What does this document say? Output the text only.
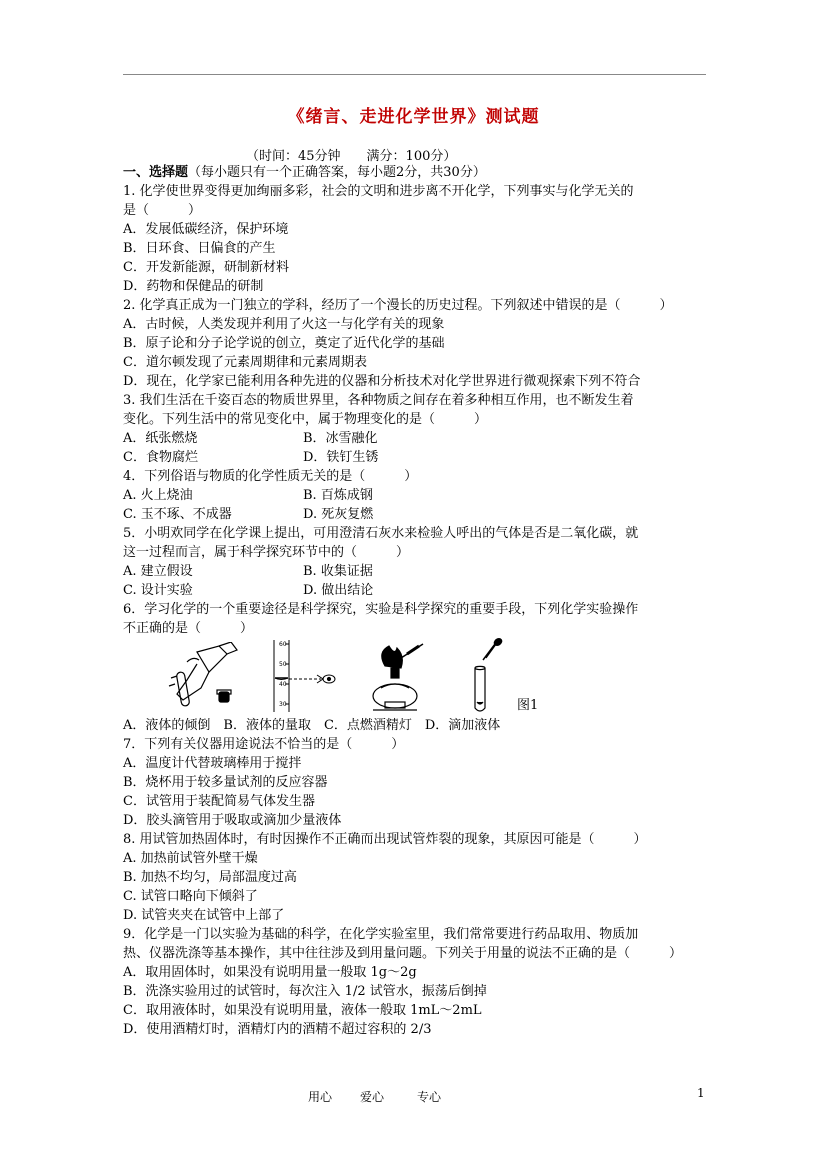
《绪言、走进化学世界》测试题
（时间：45分钟　　满分：100分）
一、选择题（每小题只有一个正确答案，每小题2分，共30分）
1. 化学使世界变得更加绚丽多彩，社会的文明和进步离不开化学，下列事实与化学无关的
是（　　　）
A．发展低碳经济，保护环境
B．日环食、日偏食的产生
C．开发新能源，研制新材料
D．药物和保健品的研制
2. 化学真正成为一门独立的学科，经历了一个漫长的历史过程。下列叙述中错误的是（　　　）
A．古时候，人类发现并利用了火这一与化学有关的现象
B．原子论和分子论学说的创立，奠定了近代化学的基础
C．道尔顿发现了元素周期律和元素周期表
D．现在，化学家已能利用各种先进的仪器和分析技术对化学世界进行微观探索下列不符合
3. 我们生活在千姿百态的物质世界里，各种物质之间存在着多种相互作用，也不断发生着
变化。下列生活中的常见变化中，属于物理变化的是（　　　）
A．纸张燃烧	B．冰雪融化
C．食物腐烂	D．铁钉生锈
4．下列俗语与物质的化学性质无关的是（　　　）
A. 火上烧油	B. 百炼成钢
C. 玉不琢、不成器	D. 死灰复燃
5．小明欢同学在化学课上提出，可用澄清石灰水来检验人呼出的气体是否是二氧化碳，就
这一过程而言，属于科学探究环节中的（　　　）
A. 建立假设	B. 收集证据
C. 设计实验	D. 做出结论
6．学习化学的一个重要途径是科学探究，实验是科学探究的重要手段，下列化学实验操作
不正确的是（　　　）
60
50
40
30	图1
A．液体的倾倒　B．液体的量取　C．点燃酒精灯　D．滴加液体
7．下列有关仪器用途说法不恰当的是（　　　）
A．温度计代替玻璃棒用于搅拌
B．烧杯用于较多量试剂的反应容器
C．试管用于装配简易气体发生器
D．胶头滴管用于吸取或滴加少量液体
8. 用试管加热固体时，有时因操作不正确而出现试管炸裂的现象，其原因可能是（　　　）
A. 加热前试管外壁干燥
B. 加热不均匀，局部温度过高
C. 试管口略向下倾斜了
D. 试管夹夹在试管中上部了
9．化学是一门以实验为基础的科学，在化学实验室里，我们常常要进行药品取用、物质加
热、仪器洗涤等基本操作，其中往往涉及到用量问题。下列关于用量的说法不正确的是（　　　）
A．取用固体时，如果没有说明用量一般取 1g～2g
B．洗涤实验用过的试管时，每次注入 1/2 试管水，振荡后倒掉
C．取用液体时，如果没有说明用量，液体一般取 1mL～2mL
D．使用酒精灯时，酒精灯内的酒精不超过容积的 2/3
用心 爱心	专心	1
